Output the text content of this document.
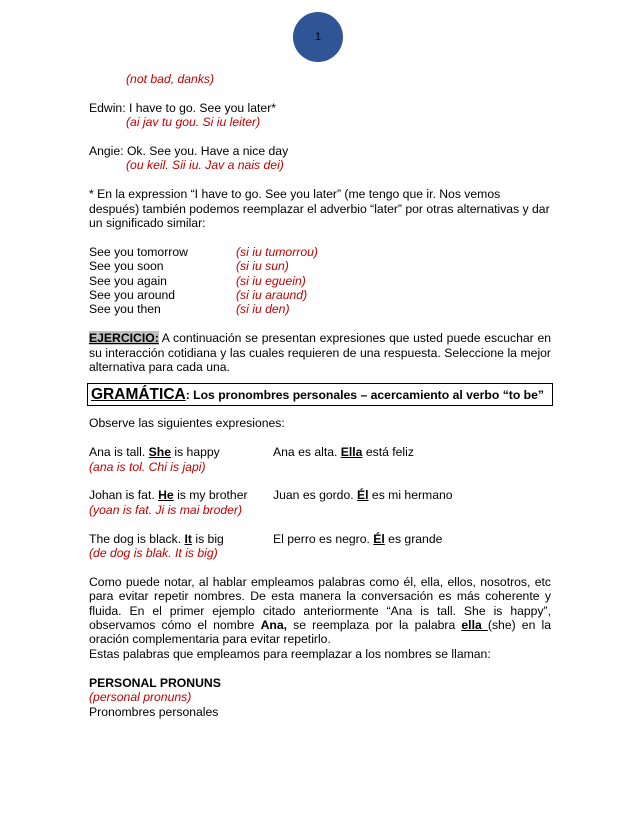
1

(not bad, danks)

Edwin: I have to go. See you later*

(ai jav tu gou. Si iu leiter)

Angie: Ok. See you. Have a nice day

(ou keil. Sii iu. Jav a nais dei)

* En la expression “I have to go. See you later” (me tengo que ir. Nos vemos después) también podemos reemplazar el adverbio “later” por otras alternativas y dar un significado similar:

See you tomorrow	(si iu tumorrou)
See you soon	(si iu sun)
See you again	(si iu eguein)
See you around	(si iu araund)
See you then	(si iu den)

EJERCICIO: A continuación se presentan expresiones que usted puede escuchar en su interacción cotidiana y las cuales requieren de una respuesta. Seleccione la mejor alternativa para cada una.

GRAMÁTICA: Los pronombres personales – acercamiento al verbo “to be”

Observe las siguientes expresiones:

Ana is tall. She is happy	Ana es alta. Ella está feliz

(ana is tol. Chi is japi)

Johan is fat. He is my brother	Juan es gordo. Él es mi hermano

(yoan is fat. Ji is mai broder)

The dog is black. It is big	El perro es negro. Él es grande

(de dog is blak. It is big)

Como puede notar, al hablar empleamos palabras como él, ella, ellos, nosotros, etc para evitar repetir nombres. De esta manera la conversación es más coherente y fluida. En el primer ejemplo citado anteriormente “Ana is tall. She is happy”, observamos cómo el nombre Ana, se reemplaza por la palabra ella (she) en la oración complementaria para evitar repetirlo.

Estas palabras que empleamos para reemplazar a los nombres se llaman:

PERSONAL PRONUNS

(personal pronuns)

Pronombres personales
